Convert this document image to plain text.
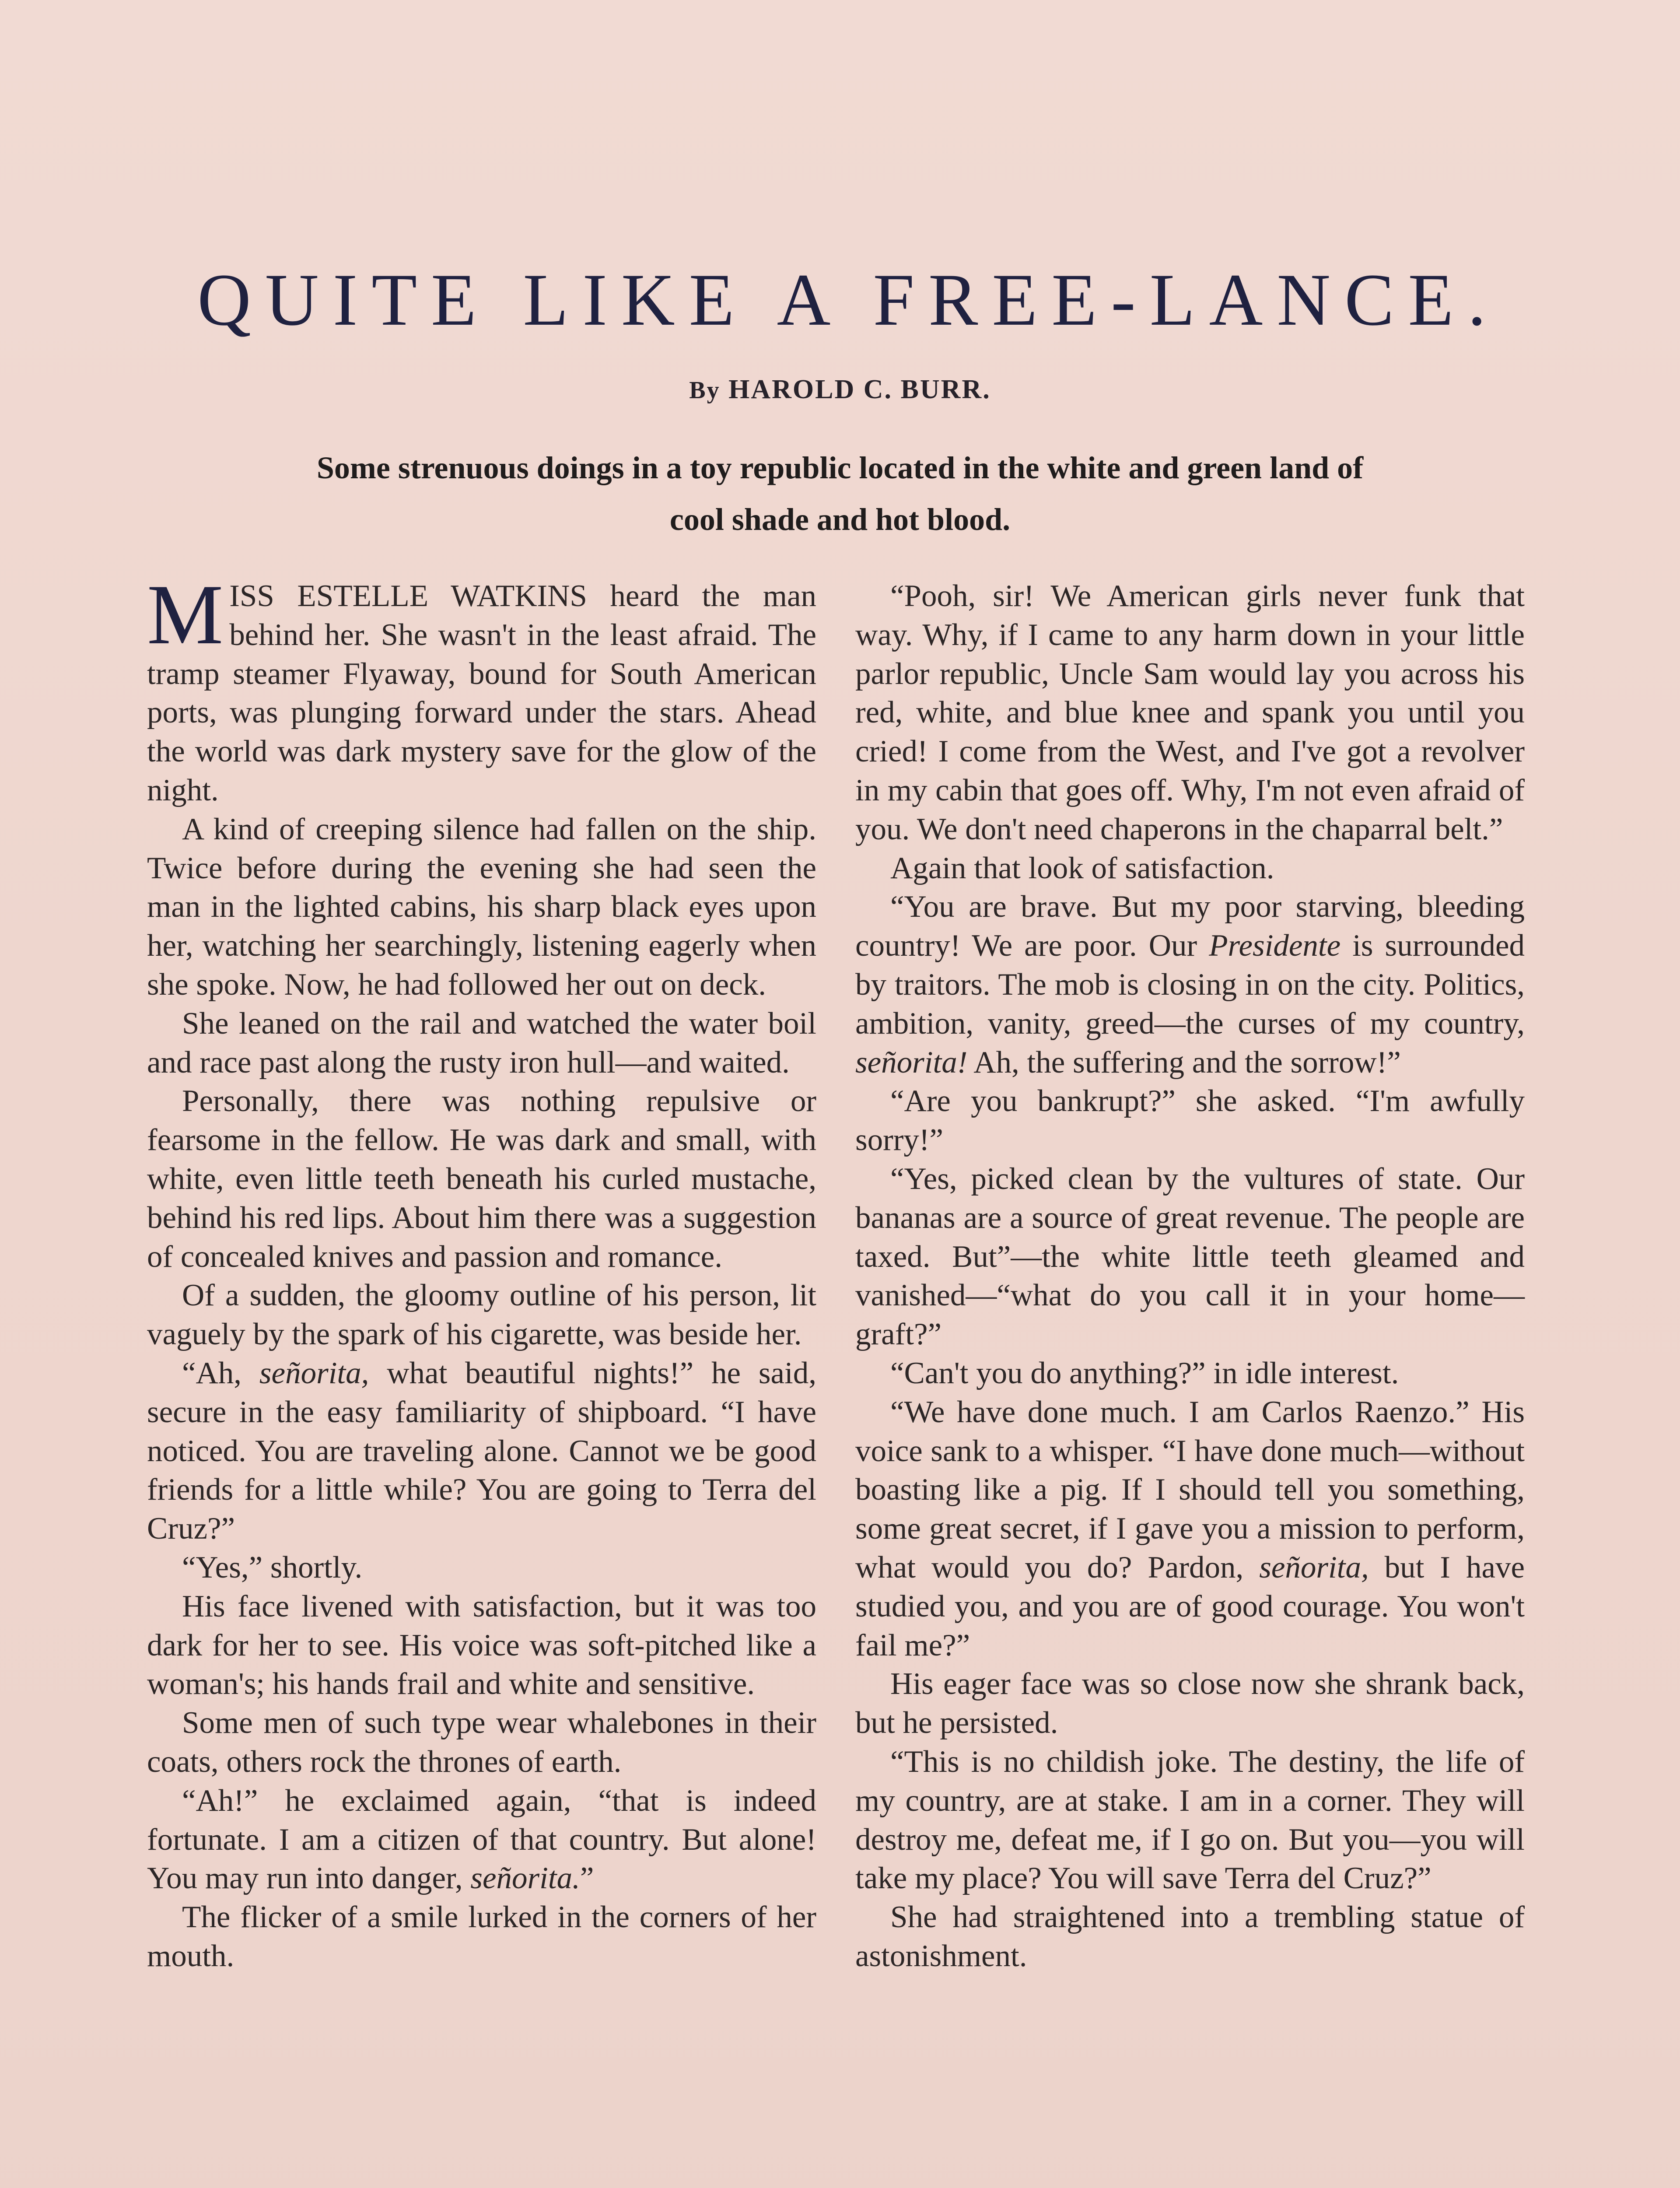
QUITE LIKE A FREE-LANCE.
By HAROLD C. BURR.

Some strenuous doings in a toy republic located in the white and green land of cool shade and hot blood.

MISS ESTELLE WATKINS heard the man behind her. She wasn't in the least afraid. The tramp steamer Flyaway, bound for South American ports, was plunging forward under the stars. Ahead the world was dark mystery save for the glow of the night.

A kind of creeping silence had fallen on the ship. Twice before during the evening she had seen the man in the lighted cabins, his sharp black eyes upon her, watching her searchingly, listening eagerly when she spoke. Now, he had followed her out on deck.

She leaned on the rail and watched the water boil and race past along the rusty iron hull—and waited.

Personally, there was nothing repulsive or fearsome in the fellow. He was dark and small, with white, even little teeth beneath his curled mustache, behind his red lips. About him there was a suggestion of concealed knives and passion and romance.

Of a sudden, the gloomy outline of his person, lit vaguely by the spark of his cigarette, was beside her.

“Ah, señorita, what beautiful nights!” he said, secure in the easy familiarity of shipboard. “I have noticed. You are traveling alone. Cannot we be good friends for a little while? You are going to Terra del Cruz?”

“Yes,” shortly.

His face livened with satisfaction, but it was too dark for her to see. His voice was soft-pitched like a woman's; his hands frail and white and sensitive.

Some men of such type wear whalebones in their coats, others rock the thrones of earth.

“Ah!” he exclaimed again, “that is indeed fortunate. I am a citizen of that country. But alone! You may run into danger, señorita.”

The flicker of a smile lurked in the corners of her mouth.

“Pooh, sir! We American girls never funk that way. Why, if I came to any harm down in your little parlor republic, Uncle Sam would lay you across his red, white, and blue knee and spank you until you cried! I come from the West, and I've got a revolver in my cabin that goes off. Why, I'm not even afraid of you. We don't need chaperons in the chaparral belt.”

Again that look of satisfaction.

“You are brave. But my poor starving, bleeding country! We are poor. Our Presidente is surrounded by traitors. The mob is closing in on the city. Politics, ambition, vanity, greed—the curses of my country, señorita! Ah, the suffering and the sorrow!”

“Are you bankrupt?” she asked. “I'm awfully sorry!”

“Yes, picked clean by the vultures of state. Our bananas are a source of great revenue. The people are taxed. But”—the white little teeth gleamed and vanished—“what do you call it in your home—graft?”

“Can't you do anything?” in idle interest.

“We have done much. I am Carlos Raenzo.” His voice sank to a whisper. “I have done much—without boasting like a pig. If I should tell you something, some great secret, if I gave you a mission to perform, what would you do? Pardon, señorita, but I have studied you, and you are of good courage. You won't fail me?”

His eager face was so close now she shrank back, but he persisted.

“This is no childish joke. The destiny, the life of my country, are at stake. I am in a corner. They will destroy me, defeat me, if I go on. But you—you will take my place? You will save Terra del Cruz?”

She had straightened into a trembling statue of astonishment.
